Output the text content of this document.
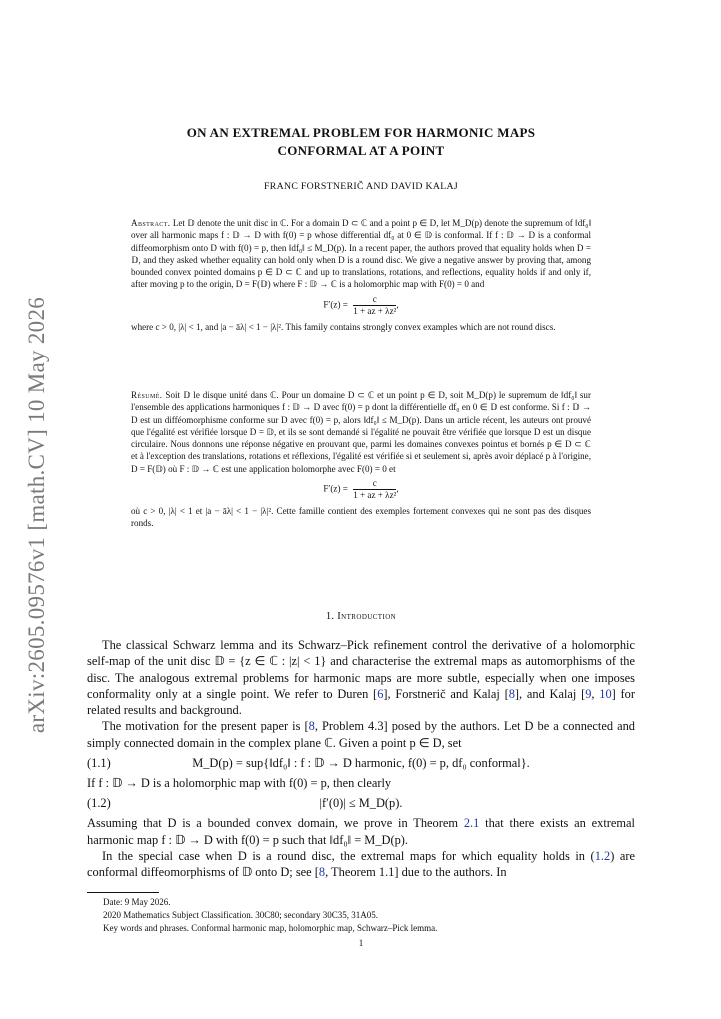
arXiv:2605.09576v1 [math.CV] 10 May 2026
ON AN EXTREMAL PROBLEM FOR HARMONIC MAPS
CONFORMAL AT A POINT
FRANC FORSTNERIČ AND DAVID KALAJ
Abstract. Let 𝔻 denote the unit disc in ℂ. For a domain D ⊂ ℂ and a point p ∈ D, let M_D(p) denote the supremum of ‖df₀‖ over all harmonic maps f : 𝔻 → D with f(0) = p whose differential df₀ at 0 ∈ 𝔻 is conformal. If f : 𝔻 → D is a conformal diffeomorphism onto D with f(0) = p, then ‖df₀‖ ≤ M_D(p). In a recent paper, the authors proved that equality holds when D = 𝔻, and they asked whether equality can hold only when D is a round disc. We give a negative answer by proving that, among bounded convex pointed domains p ∈ D ⊂ ℂ and up to translations, rotations, and reflections, equality holds if and only if, after moving p to the origin, D = F(𝔻) where F : 𝔻 → ℂ is a holomorphic map with F(0) = 0 and
$F'(z) = \frac{c}{\text{1 + az + λz²}}$ ,
where c > 0, |λ| < 1, and |a − āλ| < 1 − |λ|². This family contains strongly convex examples which are not round discs.
Résumé. Soit 𝔻 le disque unité dans ℂ. Pour un domaine D ⊂ ℂ et un point p ∈ D, soit M_D(p) le supremum de ‖df₀‖ sur l'ensemble des applications harmoniques f : 𝔻 → D avec f(0) = p dont la différentielle df₀ en 0 ∈ 𝔻 est conforme. Si f : 𝔻 → D est un difféomorphisme conforme sur D avec f(0) = p, alors ‖df₀‖ ≤ M_D(p). Dans un article récent, les auteurs ont prouvé que l'égalité est vérifiée lorsque D = 𝔻, et ils se sont demandé si l'égalité ne pouvait être vérifiée que lorsque D est un disque circulaire. Nous donnons une réponse négative en prouvant que, parmi les domaines convexes pointus et bornés p ∈ D ⊂ ℂ et à l'exception des translations, rotations et réflexions, l'égalité est vérifiée si et seulement si, après avoir déplacé p à l'origine, D = F(𝔻) où F : 𝔻 → ℂ est une application holomorphe avec F(0) = 0 et
$F'(z) = \frac{c}{\text{1 + az + λz²}}$ ,
où c > 0, |λ| < 1 et |a − āλ| < 1 − |λ|². Cette famille contient des exemples fortement convexes qui ne sont pas des disques ronds.
1. Introduction

The classical Schwarz lemma and its Schwarz–Pick refinement control the derivative of a holomorphic self-map of the unit disc 𝔻 = {z ∈ ℂ : |z| < 1} and characterise the extremal maps as automorphisms of the disc. The analogous extremal problems for harmonic maps are more subtle, especially when one imposes conformality only at a single point. We refer to Duren [6], Forstnerič and Kalaj [8], and Kalaj [9, 10] for related results and background.

The motivation for the present paper is [8, Problem 4.3] posed by the authors. Let D be a connected and simply connected domain in the complex plane ℂ. Given a point p ∈ D, set

(1.1)	M_D(p) = sup{‖df₀‖ : f : 𝔻 → D harmonic, f(0) = p, df₀ conformal}.

If f : 𝔻 → D is a holomorphic map with f(0) = p, then clearly

(1.2)	|f′(0)| ≤ M_D(p).

Assuming that D is a bounded convex domain, we prove in Theorem 2.1 that there exists an extremal harmonic map f : 𝔻 → D with f(0) = p such that ‖df₀‖ = M_D(p).

In the special case when D is a round disc, the extremal maps for which equality holds in (1.2) are conformal diffeomorphisms of 𝔻 onto D; see [8, Theorem 1.1] due to the authors. In

Date: 9 May 2026.
2020 Mathematics Subject Classification. 30C80; secondary 30C35, 31A05.
Key words and phrases. Conformal harmonic map, holomorphic map, Schwarz–Pick lemma.
1
